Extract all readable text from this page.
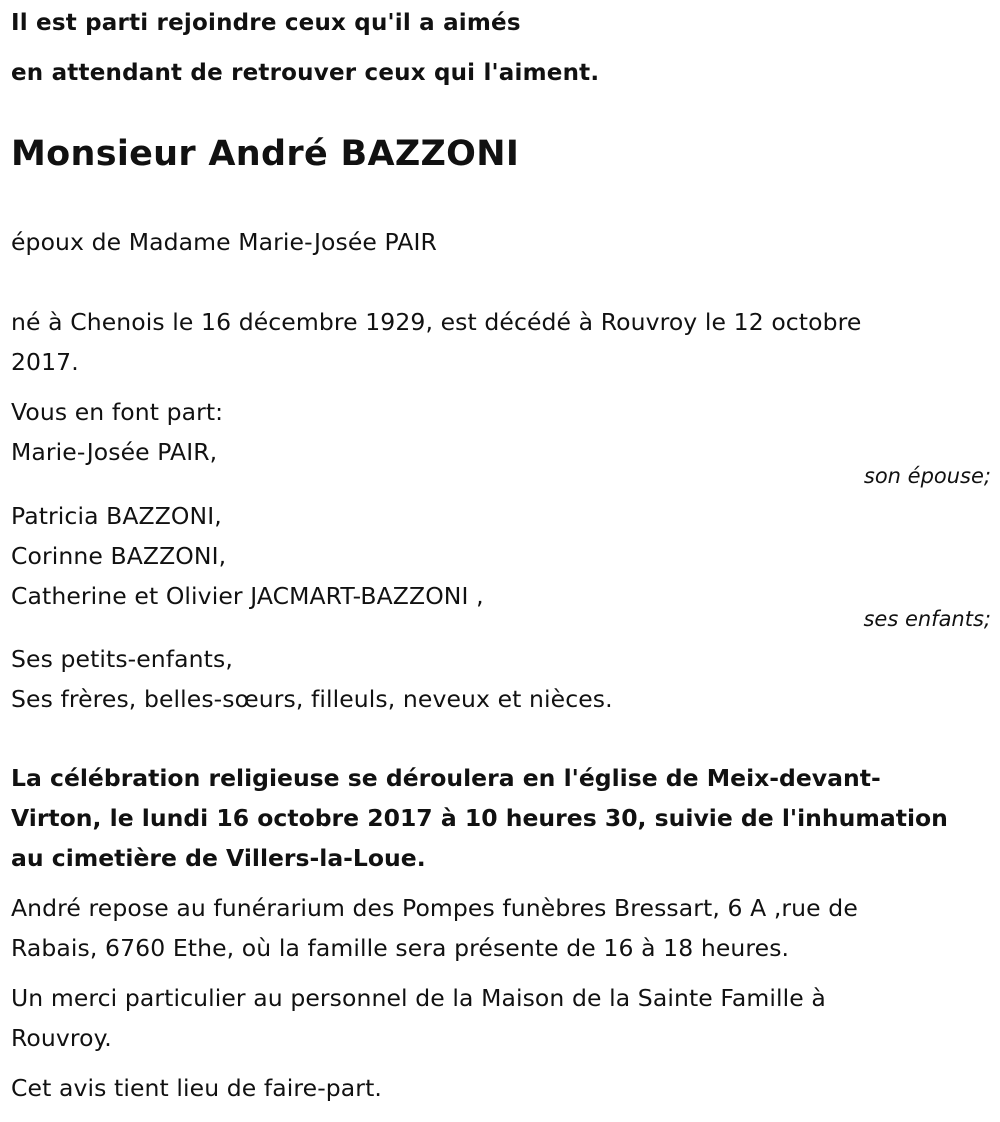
Il est parti rejoindre ceux qu'il a aimés
en attendant de retrouver ceux qui l'aiment.
Monsieur André BAZZONI
époux de Madame Marie-Josée PAIR
né à Chenois le 16 décembre 1929, est décédé à Rouvroy le 12 octobre
2017.
Vous en font part:
Marie-Josée PAIR,
son épouse;
Patricia BAZZONI,
Corinne BAZZONI,
Catherine et Olivier JACMART-BAZZONI ,
ses enfants;
Ses petits-enfants,
Ses frères, belles-sœurs, filleuls, neveux et nièces.
La célébration religieuse se déroulera en l'église de Meix-devant-
Virton, le lundi 16 octobre 2017 à 10 heures 30, suivie de l'inhumation
au cimetière de Villers-la-Loue.
André repose au funérarium des Pompes funèbres Bressart, 6 A ,rue de
Rabais, 6760 Ethe, où la famille sera présente de 16 à 18 heures.
Un merci particulier au personnel de la Maison de la Sainte Famille à
Rouvroy.
Cet avis tient lieu de faire-part.
